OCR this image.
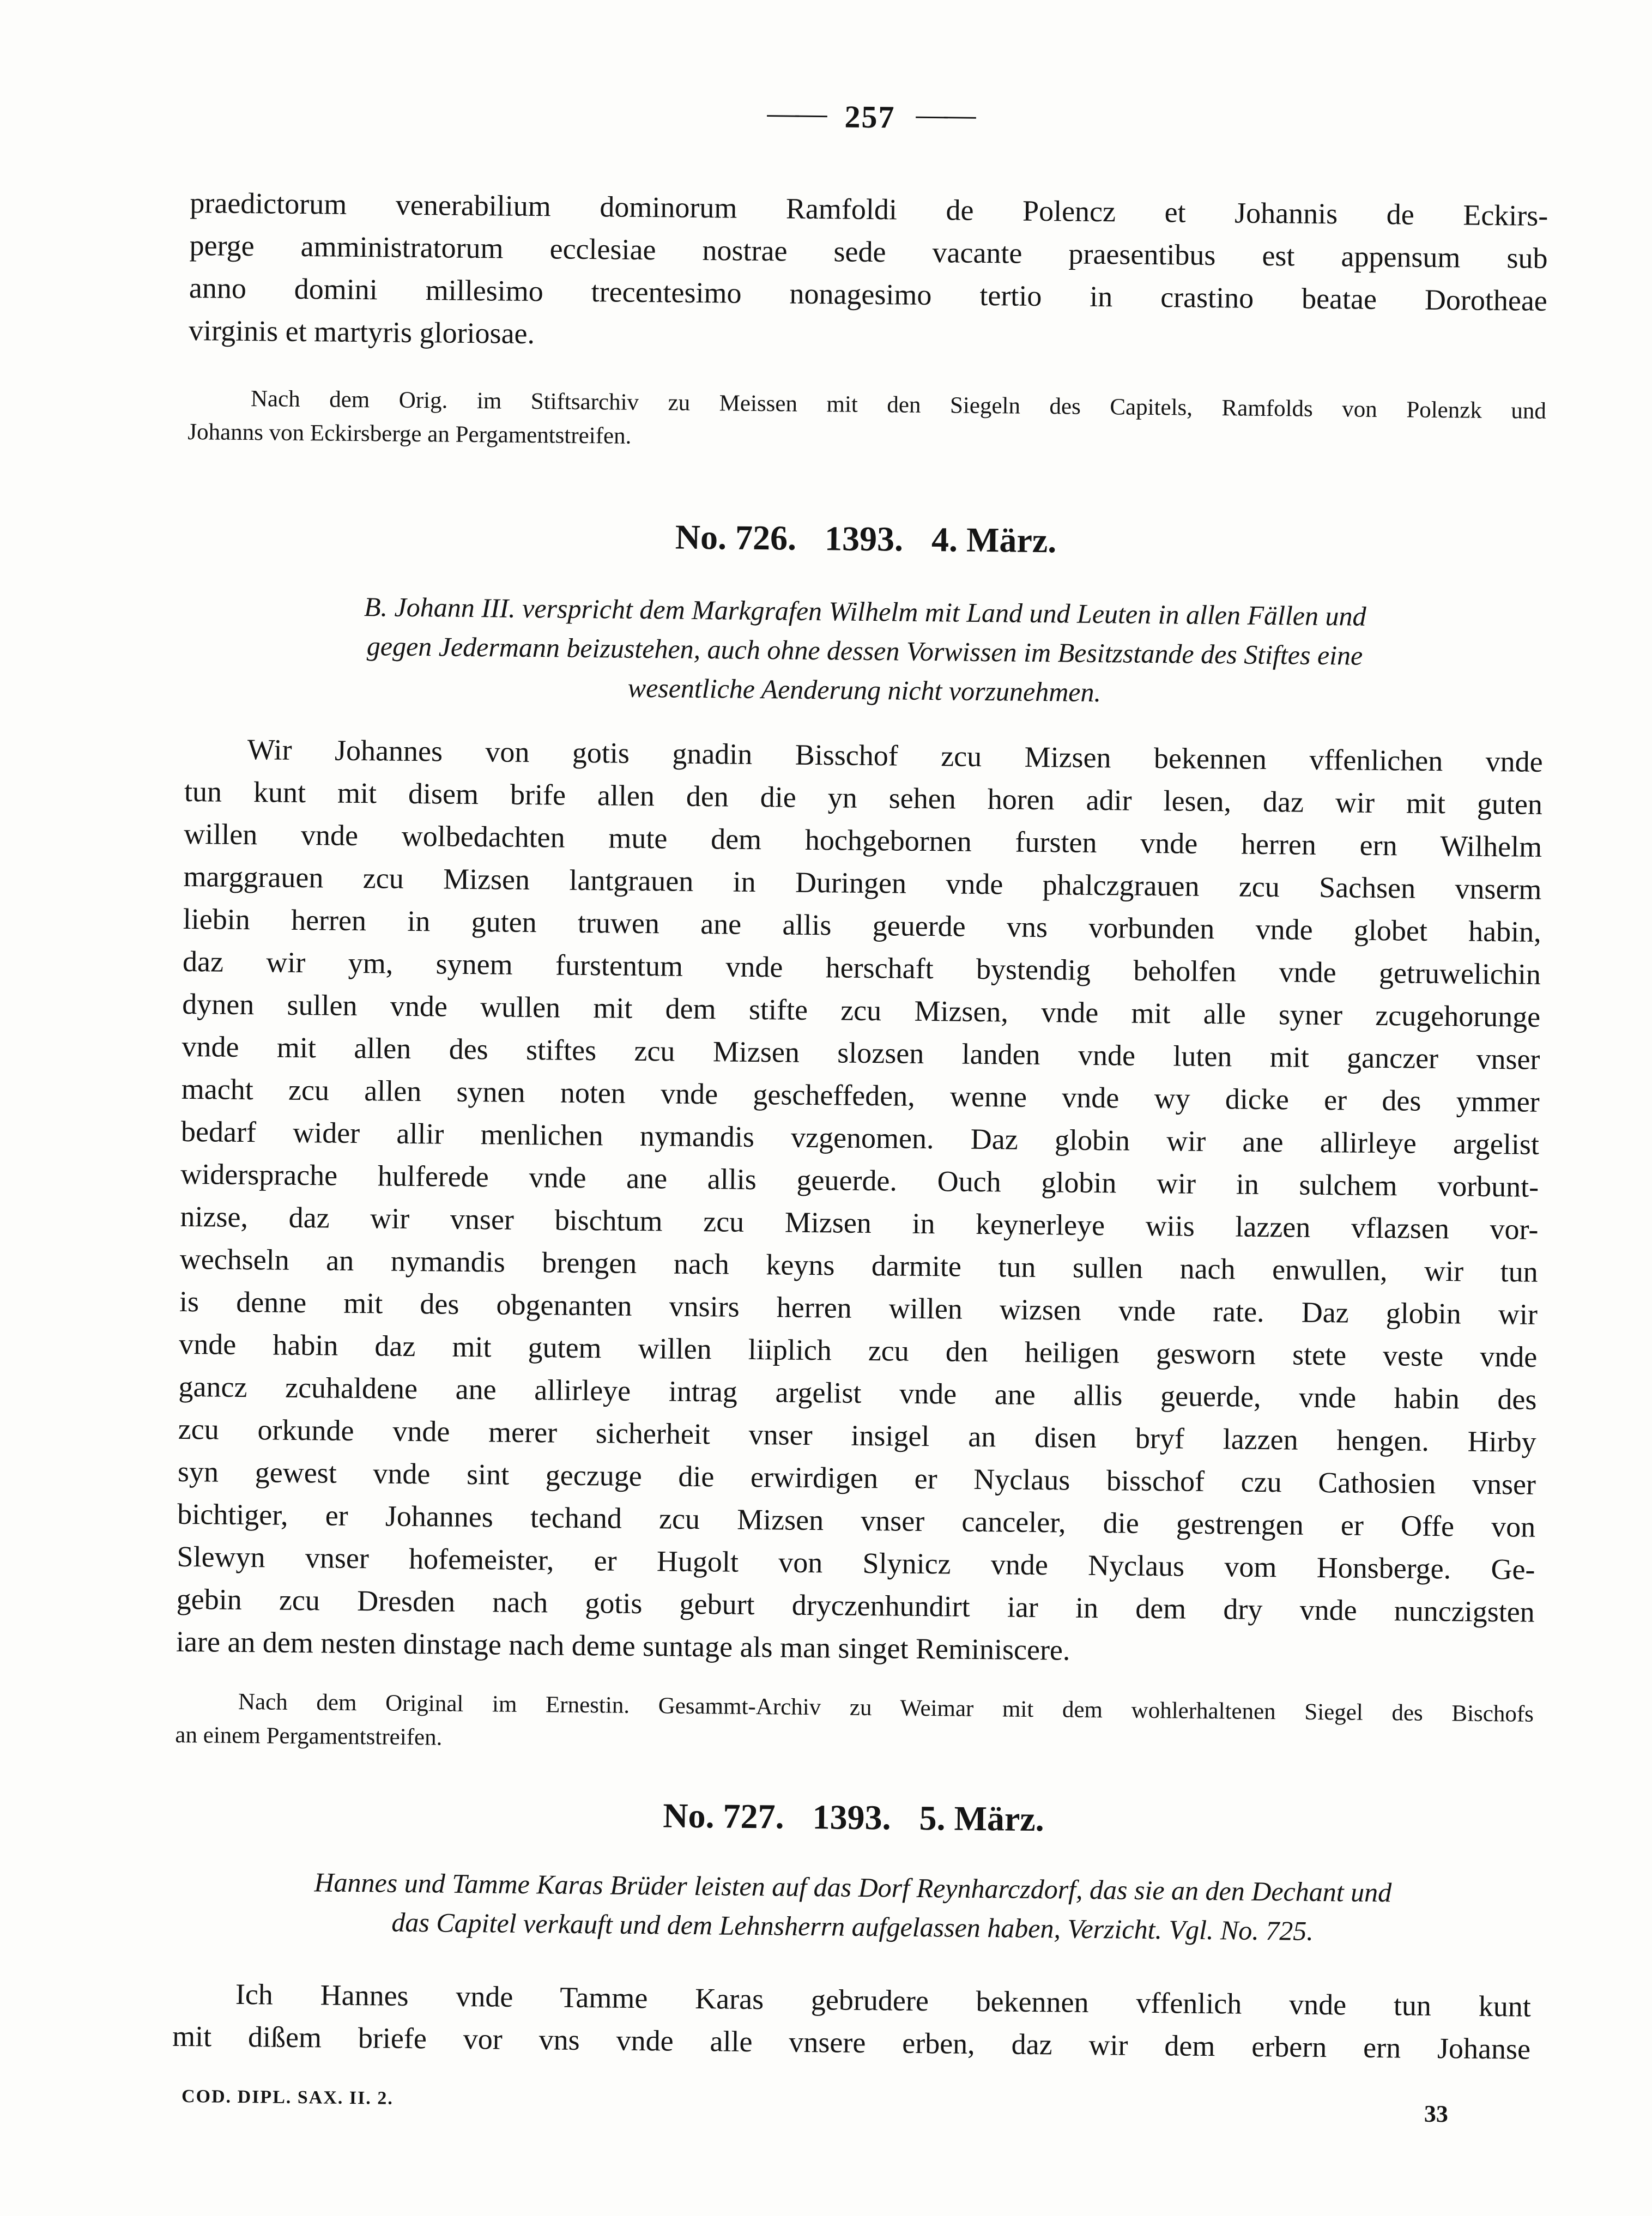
—— 257 ——
praedictorum venerabilium dominorum Ramfoldi de Polencz et Johannis de Eckirs-
perge amministratorum ecclesiae nostrae sede vacante praesentibus est appensum sub
anno domini millesimo trecentesimo nonagesimo tertio in crastino beatae Dorotheae
virginis et martyris gloriosae.
Nach dem Orig. im Stiftsarchiv zu Meissen mit den Siegeln des Capitels, Ramfolds von Polenzk und
Johanns von Eckirsberge an Pergamentstreifen.
No. 726. 1393. 4. März.
B. Johann III. verspricht dem Markgrafen Wilhelm mit Land und Leuten in allen Fällen und
gegen Jedermann beizustehen, auch ohne dessen Vorwissen im Besitzstande des Stiftes eine
wesentliche Aenderung nicht vorzunehmen.
Wir Johannes von gotis gnadin Bisschof zcu Mizsen bekennen vffenlichen vnde
tun kunt mit disem brife allen den die yn sehen horen adir lesen, daz wir mit guten
willen vnde wolbedachten mute dem hochgebornen fursten vnde herren ern Wilhelm
marggrauen zcu Mizsen lantgrauen in Duringen vnde phalczgrauen zcu Sachsen vnserm
liebin herren in guten truwen ane allis geuerde vns vorbunden vnde globet habin,
daz wir ym, synem furstentum vnde herschaft bystendig beholfen vnde getruwelichin
dynen sullen vnde wullen mit dem stifte zcu Mizsen, vnde mit alle syner zcugehorunge
vnde mit allen des stiftes zcu Mizsen slozsen landen vnde luten mit ganczer vnser
macht zcu allen synen noten vnde gescheffeden, wenne vnde wy dicke er des ymmer
bedarf wider allir menlichen nymandis vzgenomen. Daz globin wir ane allirleye argelist
widersprache hulferede vnde ane allis geuerde. Ouch globin wir in sulchem vorbunt-
nizse, daz wir vnser bischtum zcu Mizsen in keynerleye wiis lazzen vflazsen vor-
wechseln an nymandis brengen nach keyns darmite tun sullen nach enwullen, wir tun
is denne mit des obgenanten vnsirs herren willen wizsen vnde rate. Daz globin wir
vnde habin daz mit gutem willen liiplich zcu den heiligen gesworn stete veste vnde
gancz zcuhaldene ane allirleye intrag argelist vnde ane allis geuerde, vnde habin des
zcu orkunde vnde merer sicherheit vnser insigel an disen bryf lazzen hengen. Hirby
syn gewest vnde sint geczuge die erwirdigen er Nyclaus bisschof czu Cathosien vnser
bichtiger, er Johannes techand zcu Mizsen vnser canceler, die gestrengen er Offe von
Slewyn vnser hofemeister, er Hugolt von Slynicz vnde Nyclaus vom Honsberge. Ge-
gebin zcu Dresden nach gotis geburt dryczenhundirt iar in dem dry vnde nunczigsten
iare an dem nesten dinstage nach deme suntage als man singet Reminiscere.
Nach dem Original im Ernestin. Gesammt-Archiv zu Weimar mit dem wohlerhaltenen Siegel des Bischofs
an einem Pergamentstreifen.
No. 727. 1393. 5. März.
Hannes und Tamme Karas Brüder leisten auf das Dorf Reynharczdorf, das sie an den Dechant und
das Capitel verkauft und dem Lehnsherrn aufgelassen haben, Verzicht. Vgl. No. 725.
Ich Hannes vnde Tamme Karas gebrudere bekennen vffenlich vnde tun kunt
mit dißem briefe vor vns vnde alle vnsere erben, daz wir dem erbern ern Johanse
COD. DIPL. SAX. II. 2.
33
